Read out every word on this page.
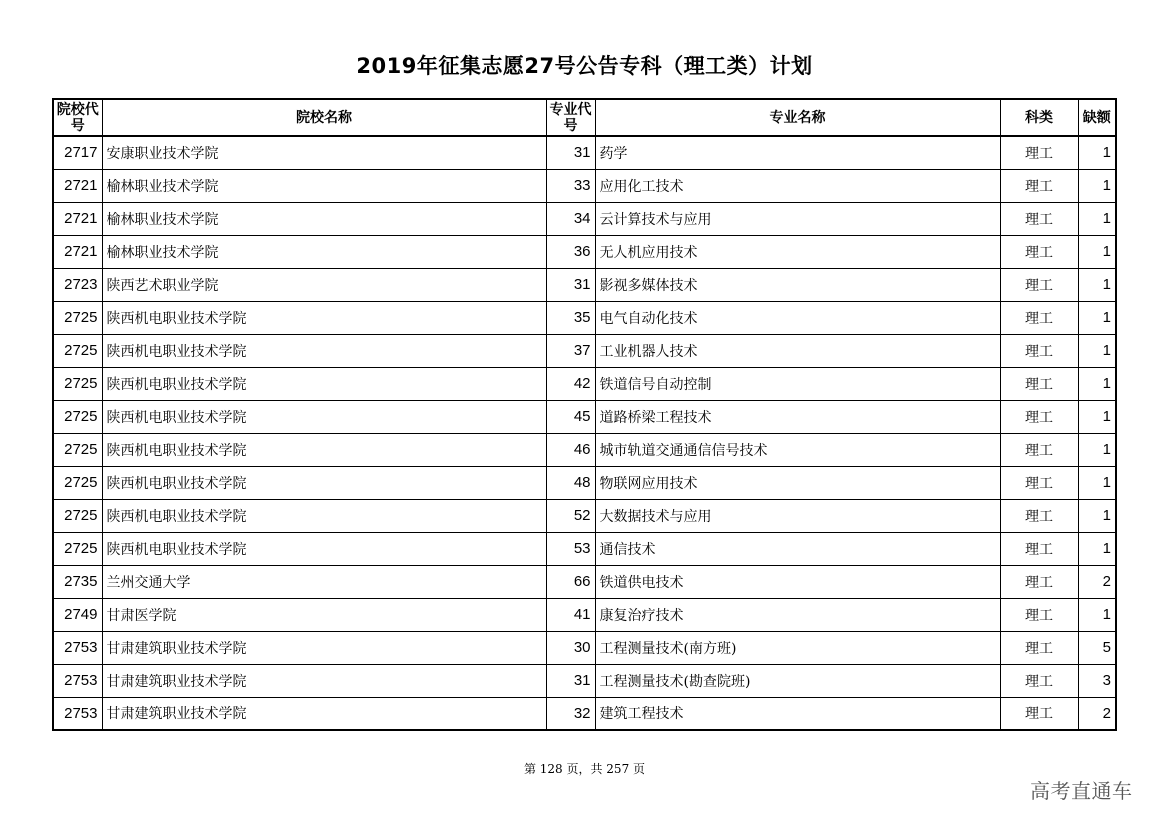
2019年征集志愿27号公告专科（理工类）计划
院校代号	院校名称	专业代号	专业名称	科类	缺额
2717	安康职业技术学院	31	药学	理工	1
2721	榆林职业技术学院	33	应用化工技术	理工	1
2721	榆林职业技术学院	34	云计算技术与应用	理工	1
2721	榆林职业技术学院	36	无人机应用技术	理工	1
2723	陕西艺术职业学院	31	影视多媒体技术	理工	1
2725	陕西机电职业技术学院	35	电气自动化技术	理工	1
2725	陕西机电职业技术学院	37	工业机器人技术	理工	1
2725	陕西机电职业技术学院	42	铁道信号自动控制	理工	1
2725	陕西机电职业技术学院	45	道路桥梁工程技术	理工	1
2725	陕西机电职业技术学院	46	城市轨道交通通信信号技术	理工	1
2725	陕西机电职业技术学院	48	物联网应用技术	理工	1
2725	陕西机电职业技术学院	52	大数据技术与应用	理工	1
2725	陕西机电职业技术学院	53	通信技术	理工	1
2735	兰州交通大学	66	铁道供电技术	理工	2
2749	甘肃医学院	41	康复治疗技术	理工	1
2753	甘肃建筑职业技术学院	30	工程测量技术(南方班)	理工	5
2753	甘肃建筑职业技术学院	31	工程测量技术(勘查院班)	理工	3
2753	甘肃建筑职业技术学院	32	建筑工程技术	理工	2
第 128 页，共 257 页
高考直通车
